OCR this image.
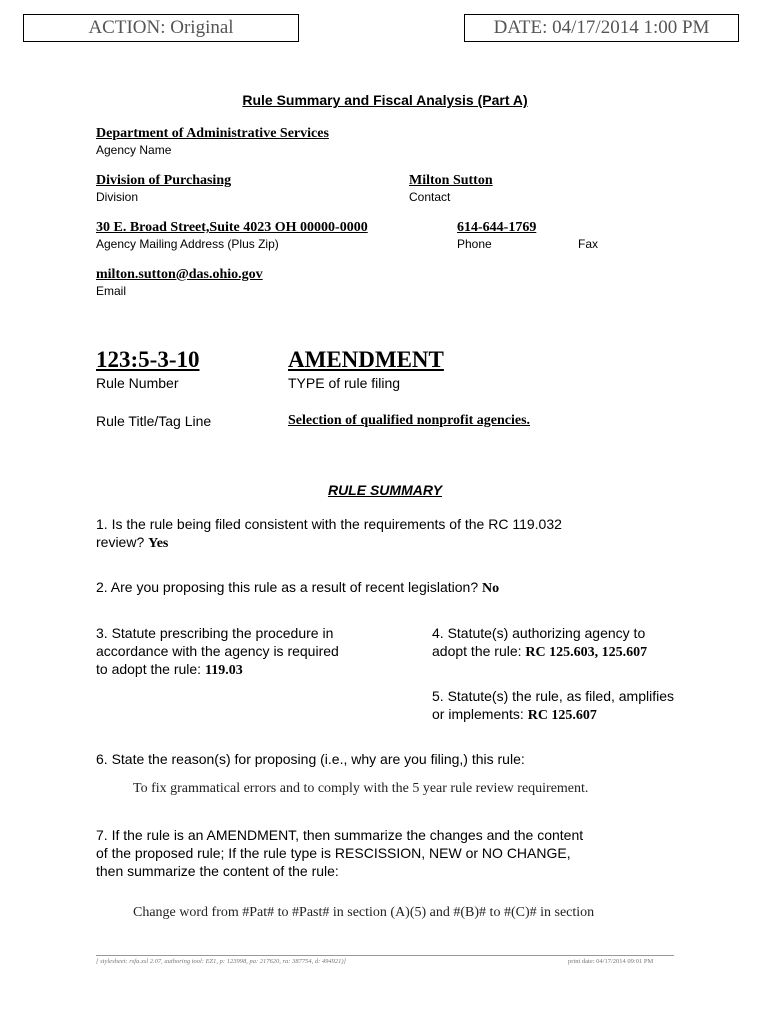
ACTION: Original	DATE: 04/17/2014 1:00 PM
Rule Summary and Fiscal Analysis (Part A)
Department of Administrative Services
Agency Name
Division of Purchasing
Division
Milton Sutton
Contact
30 E. Broad Street,Suite 4023 OH 00000-0000
Agency Mailing Address (Plus Zip)
614-644-1769
Phone	Fax
milton.sutton@das.ohio.gov
Email
123:5-3-10
Rule Number
AMENDMENT
TYPE of rule filing
Rule Title/Tag Line	Selection of qualified nonprofit agencies.
RULE SUMMARY
1. Is the rule being filed consistent with the requirements of the RC 119.032
review? Yes
2. Are you proposing this rule as a result of recent legislation? No
3. Statute prescribing the procedure in
accordance with the agency is required
to adopt the rule: 119.03
4. Statute(s) authorizing agency to
adopt the rule: RC 125.603, 125.607
5. Statute(s) the rule, as filed, amplifies
or implements: RC 125.607
6. State the reason(s) for proposing (i.e., why are you filing,) this rule:
To fix grammatical errors and to comply with the 5 year rule review requirement.
7. If the rule is an AMENDMENT, then summarize the changes and the content
of the proposed rule; If the rule type is RESCISSION, NEW or NO CHANGE,
then summarize the content of the rule:
Change word from #Pat# to #Past# in section (A)(5) and #(B)# to #(C)# in section
[ stylesheet: rsfa.xsl 2.07, authoring tool: EZ1, p: 123998, pa: 217620, ra: 387754, d: 494921)]	print date: 04/17/2014 09:01 PM
